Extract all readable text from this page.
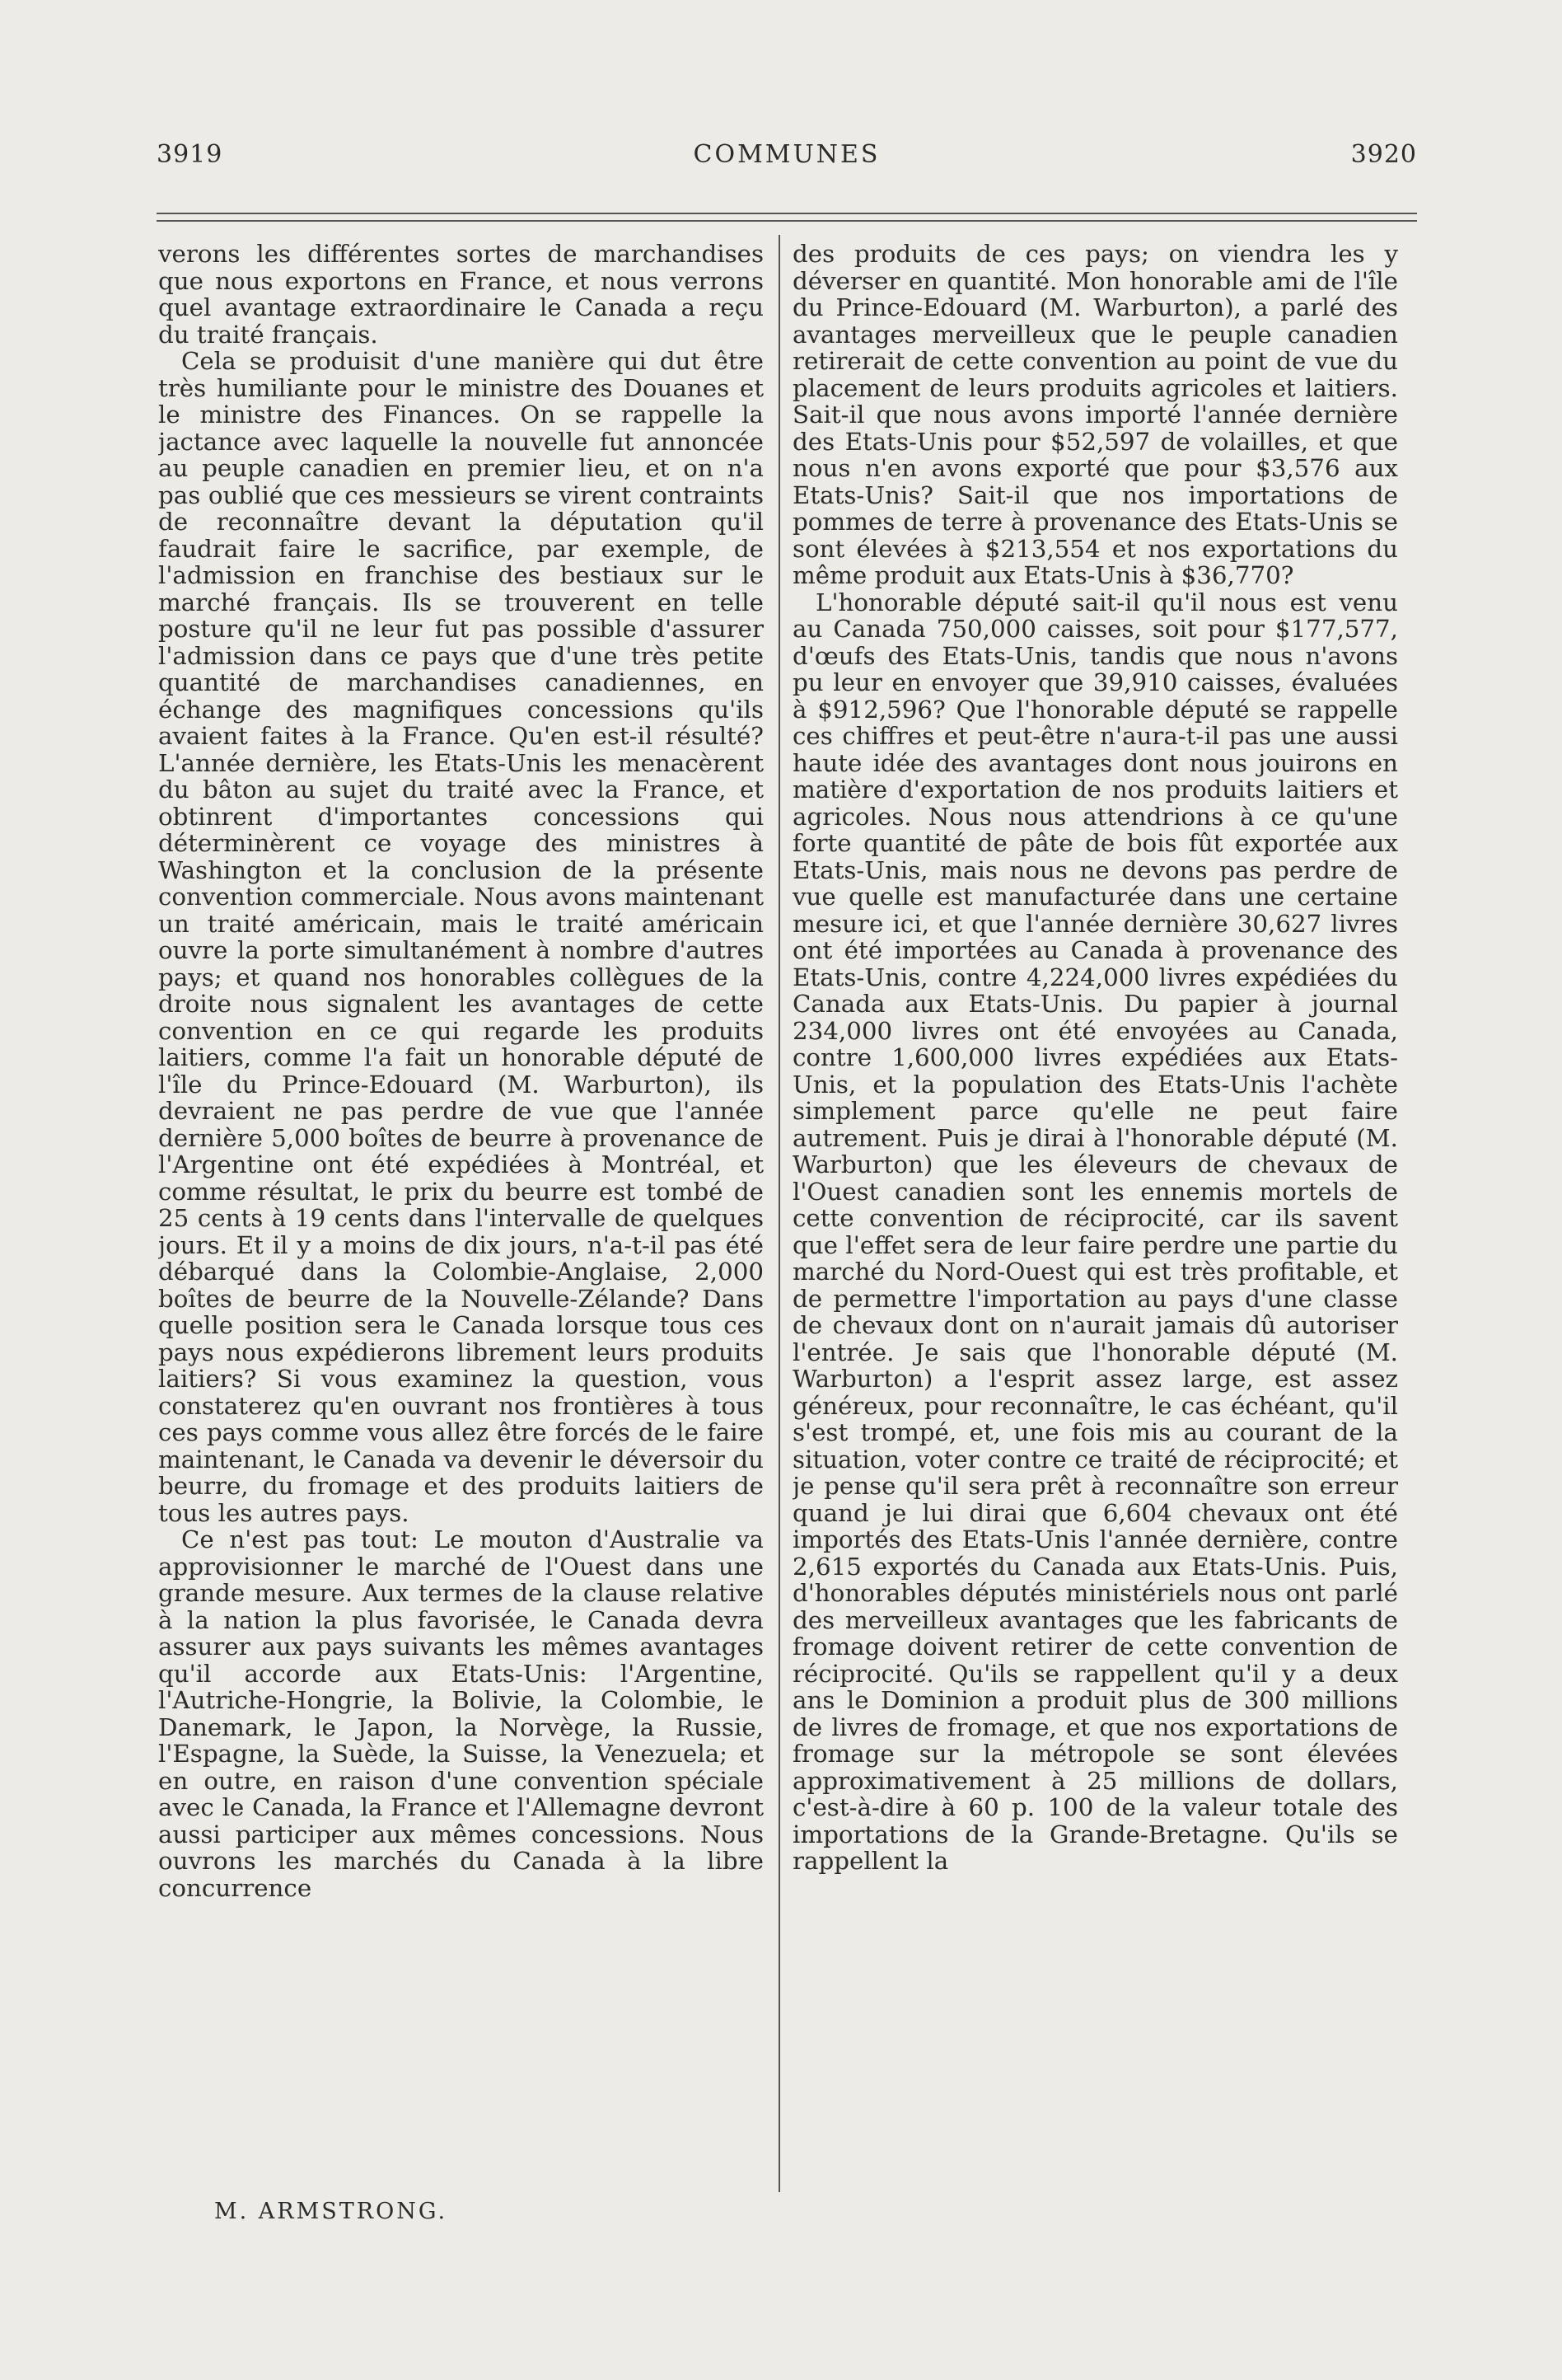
3919	COMMUNES	3920

verons les différentes sortes de marchandises que nous exportons en France, et nous verrons quel avantage extraordinaire le Canada a reçu du traité français.

Cela se produisit d'une manière qui dut être très humiliante pour le ministre des Douanes et le ministre des Finances. On se rappelle la jactance avec laquelle la nouvelle fut annoncée au peuple canadien en premier lieu, et on n'a pas oublié que ces messieurs se virent contraints de reconnaître devant la députation qu'il faudrait faire le sacrifice, par exemple, de l'admission en franchise des bestiaux sur le marché français. Ils se trouverent en telle posture qu'il ne leur fut pas possible d'assurer l'admission dans ce pays que d'une très petite quantité de marchandises canadiennes, en échange des magnifiques concessions qu'ils avaient faites à la France. Qu'en est-il résulté? L'année dernière, les Etats-Unis les menacèrent du bâton au sujet du traité avec la France, et obtinrent d'importantes concessions qui déterminèrent ce voyage des ministres à Washington et la conclusion de la présente convention commerciale. Nous avons maintenant un traité américain, mais le traité américain ouvre la porte simultanément à nombre d'autres pays; et quand nos honorables collègues de la droite nous signalent les avantages de cette convention en ce qui regarde les produits laitiers, comme l'a fait un honorable député de l'île du Prince-Edouard (M. Warburton), ils devraient ne pas perdre de vue que l'année dernière 5,000 boîtes de beurre à provenance de l'Argentine ont été expédiées à Montréal, et comme résultat, le prix du beurre est tombé de 25 cents à 19 cents dans l'intervalle de quelques jours. Et il y a moins de dix jours, n'a-t-il pas été débarqué dans la Colombie-Anglaise, 2,000 boîtes de beurre de la Nouvelle-Zélande? Dans quelle position sera le Canada lorsque tous ces pays nous expédierons librement leurs produits laitiers? Si vous examinez la question, vous constaterez qu'en ouvrant nos frontières à tous ces pays comme vous allez être forcés de le faire maintenant, le Canada va devenir le déversoir du beurre, du fromage et des produits laitiers de tous les autres pays.

Ce n'est pas tout: Le mouton d'Australie va approvisionner le marché de l'Ouest dans une grande mesure. Aux termes de la clause relative à la nation la plus favorisée, le Canada devra assurer aux pays suivants les mêmes avantages qu'il accorde aux Etats-Unis: l'Argentine, l'Autriche-Hongrie, la Bolivie, la Colombie, le Danemark, le Japon, la Norvège, la Russie, l'Espagne, la Suède, la Suisse, la Venezuela; et en outre, en raison d'une convention spéciale avec le Canada, la France et l'Allemagne devront aussi participer aux mêmes concessions. Nous ouvrons les marchés du Canada à la libre concurrence

des produits de ces pays; on viendra les y déverser en quantité. Mon honorable ami de l'île du Prince-Edouard (M. Warburton), a parlé des avantages merveilleux que le peuple canadien retirerait de cette convention au point de vue du placement de leurs produits agricoles et laitiers. Sait-il que nous avons importé l'année dernière des Etats-Unis pour $52,597 de volailles, et que nous n'en avons exporté que pour $3,576 aux Etats-Unis? Sait-il que nos importations de pommes de terre à provenance des Etats-Unis se sont élevées à $213,554 et nos exportations du même produit aux Etats-Unis à $36,770?

L'honorable député sait-il qu'il nous est venu au Canada 750,000 caisses, soit pour $177,577, d'œufs des Etats-Unis, tandis que nous n'avons pu leur en envoyer que 39,910 caisses, évaluées à $912,596? Que l'honorable député se rappelle ces chiffres et peut-être n'aura-t-il pas une aussi haute idée des avantages dont nous jouirons en matière d'exportation de nos produits laitiers et agricoles. Nous nous attendrions à ce qu'une forte quantité de pâte de bois fût exportée aux Etats-Unis, mais nous ne devons pas perdre de vue quelle est manufacturée dans une certaine mesure ici, et que l'année dernière 30,627 livres ont été importées au Canada à provenance des Etats-Unis, contre 4,224,000 livres expédiées du Canada aux Etats-Unis. Du papier à journal 234,000 livres ont été envoyées au Canada, contre 1,600,000 livres expédiées aux Etats-Unis, et la population des Etats-Unis l'achète simplement parce qu'elle ne peut faire autrement. Puis je dirai à l'honorable député (M. Warburton) que les éleveurs de chevaux de l'Ouest canadien sont les ennemis mortels de cette convention de réciprocité, car ils savent que l'effet sera de leur faire perdre une partie du marché du Nord-Ouest qui est très profitable, et de permettre l'importation au pays d'une classe de chevaux dont on n'aurait jamais dû autoriser l'entrée. Je sais que l'honorable député (M. Warburton) a l'esprit assez large, est assez généreux, pour reconnaître, le cas échéant, qu'il s'est trompé, et, une fois mis au courant de la situation, voter contre ce traité de réciprocité; et je pense qu'il sera prêt à reconnaître son erreur quand je lui dirai que 6,604 chevaux ont été importés des Etats-Unis l'année dernière, contre 2,615 exportés du Canada aux Etats-Unis. Puis, d'honorables députés ministériels nous ont parlé des merveilleux avantages que les fabricants de fromage doivent retirer de cette convention de réciprocité. Qu'ils se rappellent qu'il y a deux ans le Dominion a produit plus de 300 millions de livres de fromage, et que nos exportations de fromage sur la métropole se sont élevées approximativement à 25 millions de dollars, c'est-à-dire à 60 p. 100 de la valeur totale des importations de la Grande-Bretagne. Qu'ils se rappellent la

M. ARMSTRONG.
